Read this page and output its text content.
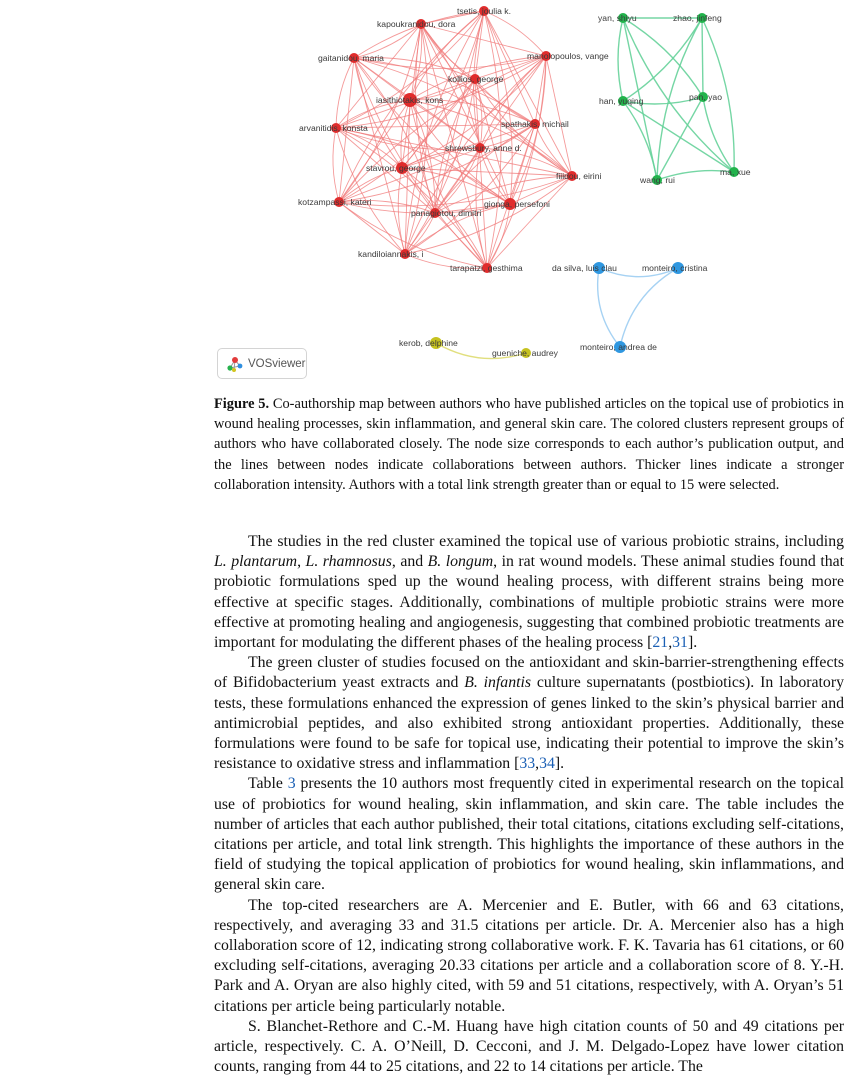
tsetis, joulia k.
kapoukranidou, dora
gaitanidou, maria	manolopoulos, vange
kollios, george
iasithiotakis, kons
arvanitidis, konsta	spathakis, michail
shrewsbury, anne d.
stavrou, george
fiiidou, eirini
kotzampassi, kateri	gionga, persefoni
panagiotou, dimitri
kandiloiannakis, i
tarapatzi, gesthima
yan, shiyu	zhao, jinfeng
han, yuqing	pan, yao
wang, rui
ma, xue
da silva, luis clau	monteiro, cristina
monteiro, andrea de
kerob, delphine
gueniche, audrey
VOSviewer
Figure 5. Co-authorship map between authors who have published articles on the topical use of probiotics in wound healing processes, skin inflammation, and general skin care. The colored clusters represent groups of authors who have collaborated closely. The node size corresponds to each author’s publication output, and the lines between nodes indicate collaborations between authors. Thicker lines indicate a stronger collaboration intensity. Authors with a total link strength greater than or equal to 15 were selected.

The studies in the red cluster examined the topical use of various probiotic strains, including L. plantarum, L. rhamnosus, and B. longum, in rat wound models. These animal studies found that probiotic formulations sped up the wound healing process, with different strains being more effective at specific stages. Additionally, combinations of multiple probiotic strains were more effective at promoting healing and angiogenesis, suggesting that combined probiotic treatments are important for modulating the different phases of the healing process [21,31].

The green cluster of studies focused on the antioxidant and skin-barrier-strengthening effects of Bifidobacterium yeast extracts and B. infantis culture supernatants (postbiotics). In laboratory tests, these formulations enhanced the expression of genes linked to the skin’s physical barrier and antimicrobial peptides, and also exhibited strong antioxidant properties. Additionally, these formulations were found to be safe for topical use, indicating their potential to improve the skin’s resistance to oxidative stress and inflammation [33,34].

Table 3 presents the 10 authors most frequently cited in experimental research on the topical use of probiotics for wound healing, skin inflammation, and skin care. The table includes the number of articles that each author published, their total citations, citations excluding self-citations, citations per article, and total link strength. This highlights the importance of these authors in the field of studying the topical application of probiotics for wound healing, skin inflammations, and general skin care.

The top-cited researchers are A. Mercenier and E. Butler, with 66 and 63 citations, respectively, and averaging 33 and 31.5 citations per article. Dr. A. Mercenier also has a high collaboration score of 12, indicating strong collaborative work. F. K. Tavaria has 61 citations, or 60 excluding self-citations, averaging 20.33 citations per article and a collaboration score of 8. Y.-H. Park and A. Oryan are also highly cited, with 59 and 51 citations, respectively, with A. Oryan’s 51 citations per article being particularly notable.

S. Blanchet-Rethore and C.-M. Huang have high citation counts of 50 and 49 citations per article, respectively. C. A. O’Neill, D. Cecconi, and J. M. Delgado-Lopez have lower citation counts, ranging from 44 to 25 citations, and 22 to 14 citations per article. The
